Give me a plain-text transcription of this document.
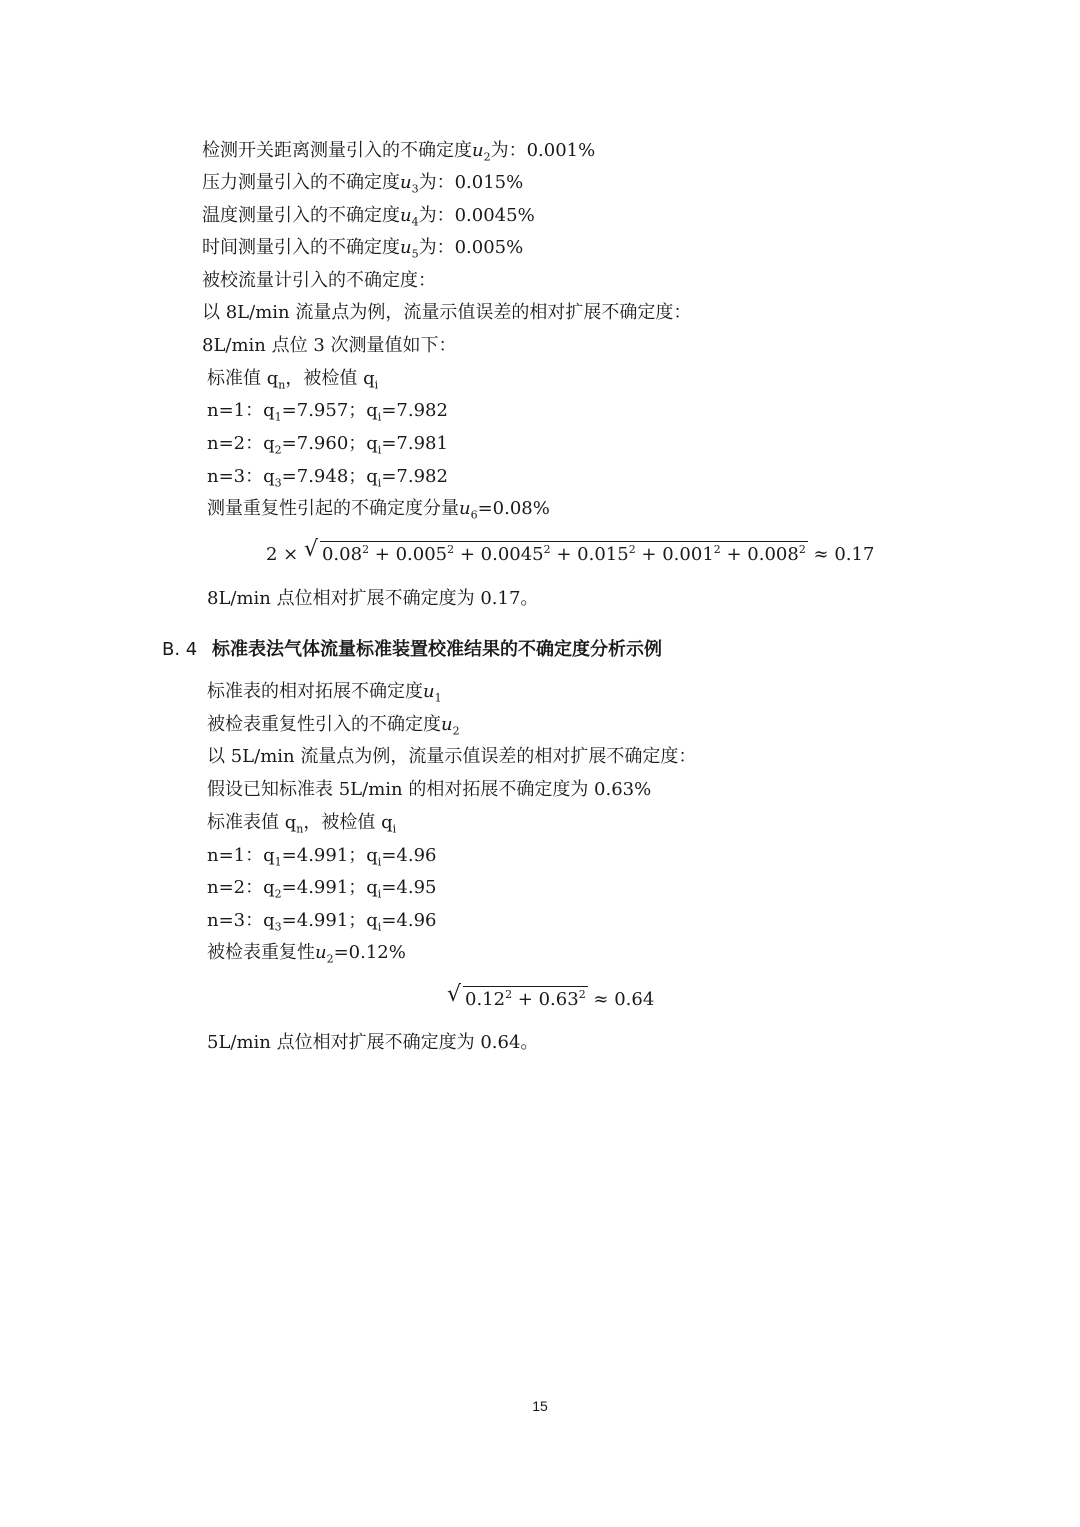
检测开关距离测量引入的不确定度$u_2$为：0.001%
压力测量引入的不确定度$u_3$为：0.015%
温度测量引入的不确定度$u_4$为：0.0045%
时间测量引入的不确定度$u_5$为：0.005%
被校流量计引入的不确定度：
以 8L/min 流量点为例，流量示值误差的相对扩展不确定度：
8L/min 点位 3 次测量值如下：
标准值 $q_n$，被检值 $q_i$
n=1：$q_1=7.957$；$q_i=7.982$
n=2：$q_2=7.960$；$q_i=7.981$
n=3：$q_3=7.948$；$q_i=7.982$
测量重复性引起的不确定度分量$u_6=0.08\%$
2 × √ $0.08^2 + 0.005^2 + 0.0045^2 + 0.015^2 + 0.001^2 + 0.008^2 \approx 0.17$
8L/min 点位相对扩展不确定度为 0.17。
B. 4 标准表法气体流量标准装置校准结果的不确定度分析示例
标准表的相对拓展不确定度$u_1$
被检表重复性引入的不确定度$u_2$
以 5L/min 流量点为例，流量示值误差的相对扩展不确定度：
假设已知标准表 5L/min 的相对拓展不确定度为 0.63%
标准表值 $q_n$，被检值 $q_i$
n=1：$q_1=4.991$；$q_i=4.96$
n=2：$q_2=4.991$；$q_i=4.95$
n=3：$q_3=4.991$；$q_i=4.96$
被检表重复性$u_2=0.12\%$
√ $0.12^2 + 0.63^2 \approx 0.64$
5L/min 点位相对扩展不确定度为 0.64。
15
